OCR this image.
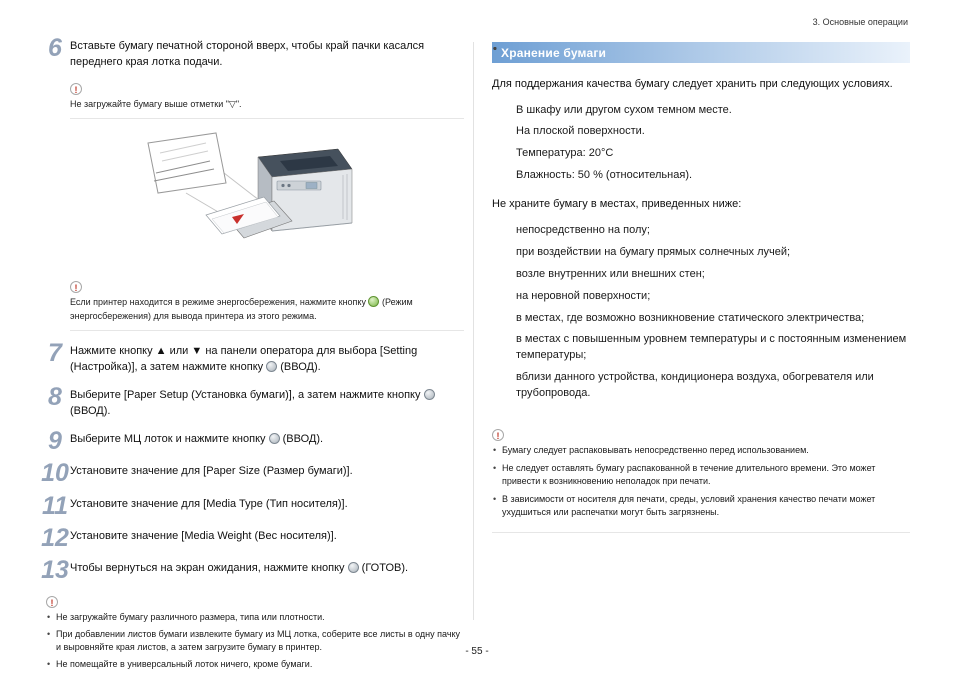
3. Основные операции
6 Вставьте бумагу печатной стороной вверх, чтобы край пачки касался переднего края лотка подачи.
!
Не загружайте бумагу выше отметки "▽".
!
Если принтер находится в режиме энергосбережения, нажмите кнопку  (Режим энергосбережения) для вывода принтера из этого режима.
7 Нажмите кнопку ▲ или ▼ на панели оператора для выбора [Setting (Настройка)], а затем нажмите кнопку  (ВВОД).
8 Выберите [Paper Setup (Установка бумаги)], а затем нажмите кнопку  (ВВОД).
9 Выберите МЦ лоток и нажмите кнопку  (ВВОД).
10 Установите значение для [Paper Size (Размер бумаги)].
11 Установите значение для [Media Type (Тип носителя)].
12 Установите значение [Media Weight (Вес носителя)].
13 Чтобы вернуться на экран ожидания, нажмите кнопку  (ГОТОВ).
!
• Не загружайте бумагу различного размера, типа или плотности.
• При добавлении листов бумаги извлеките бумагу из МЦ лотка, соберите все листы в одну пачку и выровняйте края листов, а затем загрузите бумагу в принтер.
• Не помещайте в универсальный лоток ничего, кроме бумаги.
Хранение бумаги
Для поддержания качества бумагу следует хранить при следующих условиях.
• В шкафу или другом сухом темном месте.
• На плоской поверхности.
• Температура: 20°C
• Влажность: 50 % (относительная).
Не храните бумагу в местах, приведенных ниже:
• непосредственно на полу;
• при воздействии на бумагу прямых солнечных лучей;
• возле внутренних или внешних стен;
• на неровной поверхности;
• в местах, где возможно возникновение статического электричества;
• в местах с повышенным уровнем температуры и с постоянным изменением температуры;
• вблизи данного устройства, кондиционера воздуха, обогревателя или трубопровода.
!
• Бумагу следует распаковывать непосредственно перед использованием.
• Не следует оставлять бумагу распакованной в течение длительного времени. Это может привести к возникновению неполадок при печати.
• В зависимости от носителя для печати, среды, условий хранения качество печати может ухудшиться или распечатки могут быть загрязнены.
- 55 -
